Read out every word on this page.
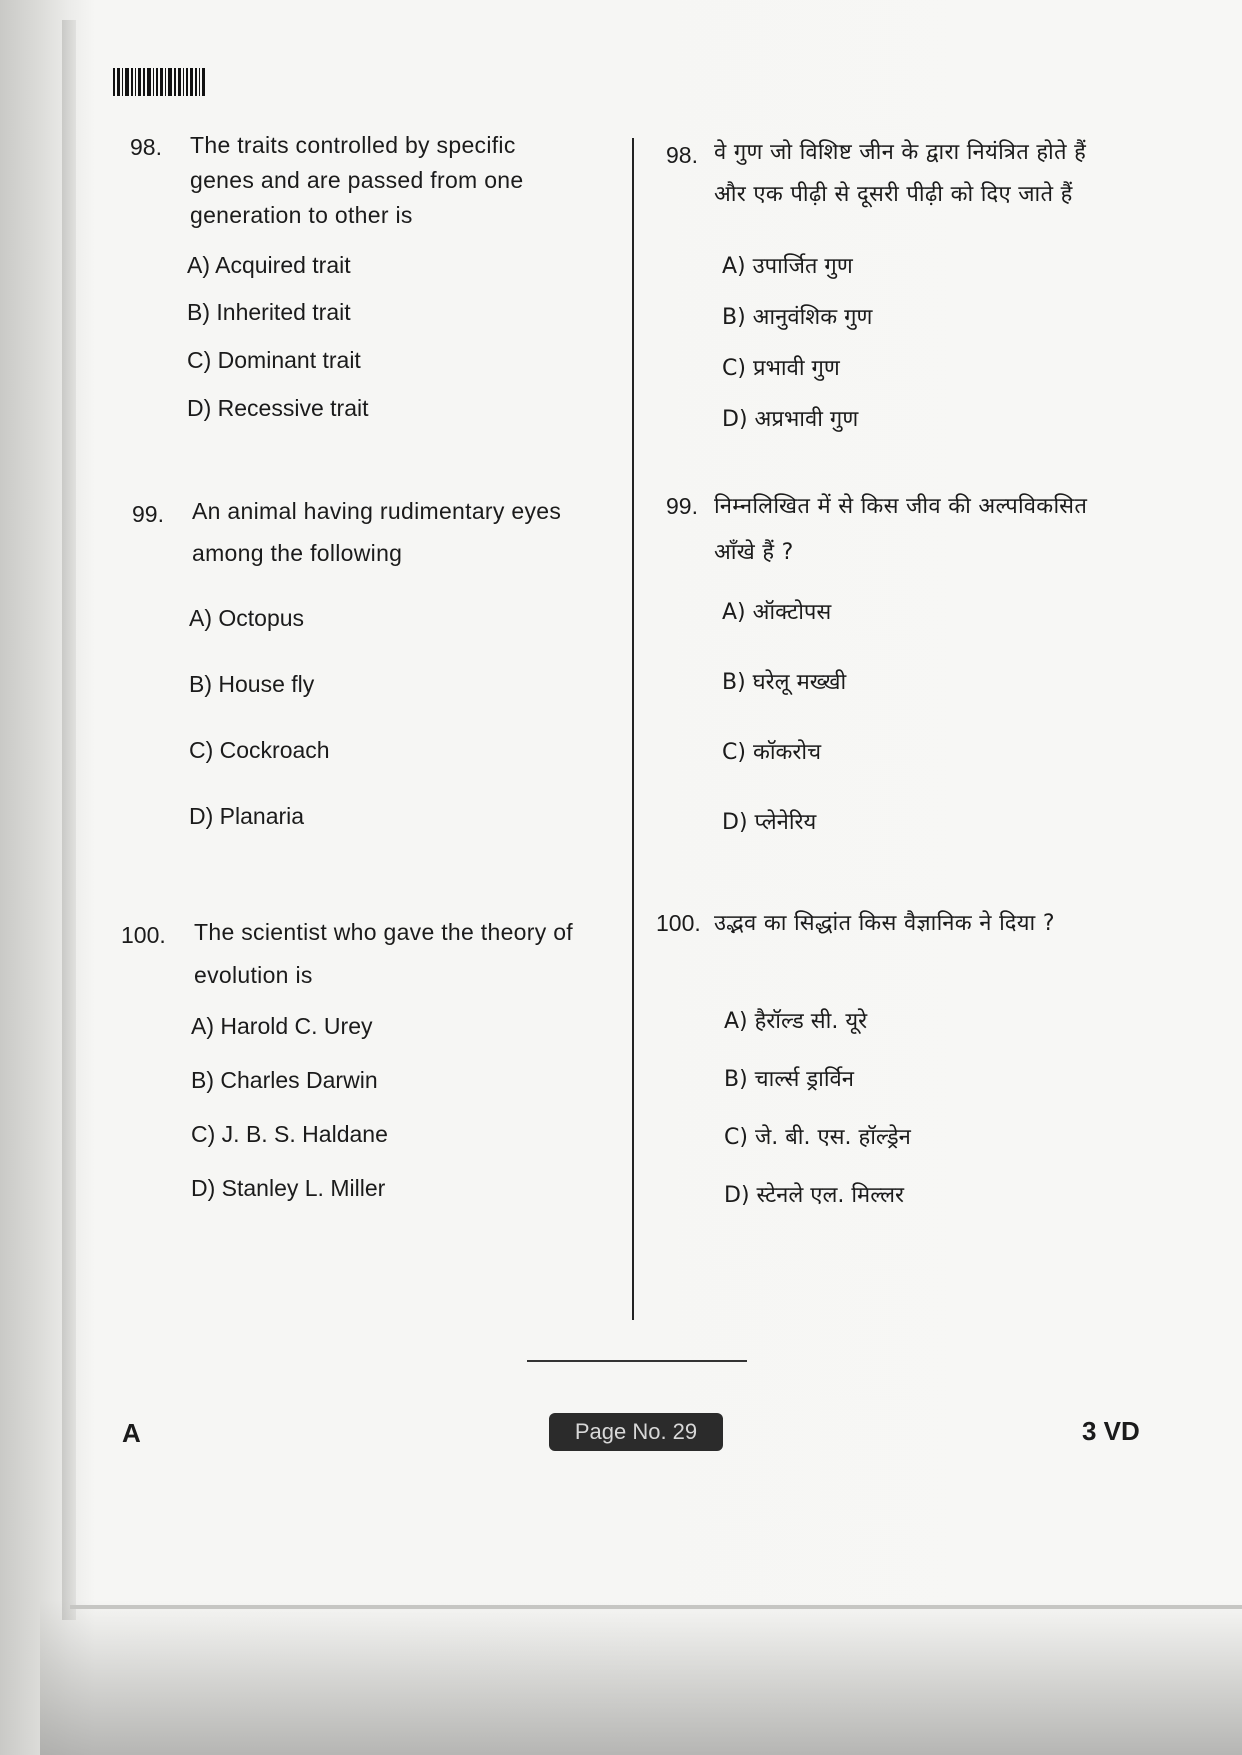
98. The traits controlled by specific
genes and are passed from one
generation to other is
A) Acquired trait
B) Inherited trait
C) Dominant trait
D) Recessive trait
99. An animal having rudimentary eyes
among the following
A) Octopus
B) House fly
C) Cockroach
D) Planaria
100. The scientist who gave the theory of
evolution is
A) Harold C. Urey
B) Charles Darwin
C) J. B. S. Haldane
D) Stanley L. Miller
98. वे गुण जो विशिष्ट जीन के द्वारा नियंत्रित होते हैं
और एक पीढ़ी से दूसरी पीढ़ी को दिए जाते हैं
A) उपार्जित गुण
B) आनुवंशिक गुण
C) प्रभावी गुण
D) अप्रभावी गुण
99. निम्नलिखित में से किस जीव की अल्पविकसित
आँखे हैं ?
A) ऑक्टोपस
B) घरेलू मख्खी
C) कॉकरोच
D) प्लेनेरिय
100. उद्भव का सिद्धांत किस वैज्ञानिक ने दिया ?
A) हैरॉल्ड सी. यूरे
B) चार्ल्स ड्रार्विन
C) जे. बी. एस. हॉल्ड्रेन
D) स्टेनले एल. मिल्लर
A	Page No. 29	3 VD
